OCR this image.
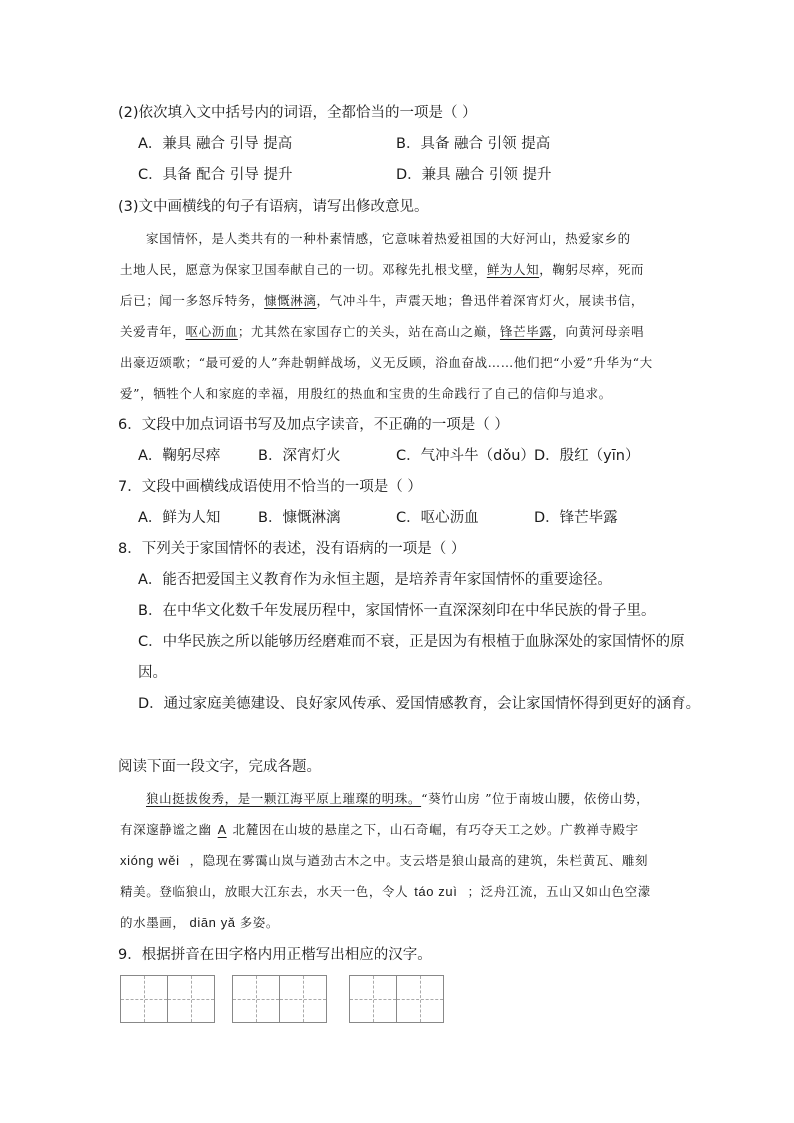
(2)依次填入文中括号内的词语，全都恰当的一项是（ ）
A．兼具 融合 引导 提高	B．具备 融合 引领 提高
C．具备 配合 引导 提升	D．兼具 融合 引领 提升
(3)文中画横线的句子有语病，请写出修改意见。
家国情怀，是人类共有的一种朴素情感，它意味着热爱祖国的大好河山，热爱家乡的
土地人民，愿意为保家卫国奉献自己的一切。邓稼先扎根戈壁，鲜为人知，鞠躬尽瘁，死而
后已；闻一多怒斥特务，慷慨淋漓，气冲斗牛，声震天地；鲁迅伴着深宵灯火，展读书信，
关爱青年，呕心沥血；尤其然在家国存亡的关头，站在高山之巅，锋芒毕露，向黄河母亲唱
出豪迈颂歌；“最可爱的人”奔赴朝鲜战场，义无反顾，浴血奋战……他们把“小爱”升华为“大
爱”，牺牲个人和家庭的幸福，用殷红的热血和宝贵的生命践行了自己的信仰与追求。
6．文段中加点词语书写及加点字读音，不正确的一项是（ ）
A．鞠躬尽瘁	B．深宵灯火	C．气冲斗牛（dǒu） D．殷红（yīn）
7．文段中画横线成语使用不恰当的一项是（ ）
A．鲜为人知	B．慷慨淋漓	C．呕心沥血	D．锋芒毕露
8．下列关于家国情怀的表述，没有语病的一项是（ ）
A．能否把爱国主义教育作为永恒主题，是培养青年家国情怀的重要途径。
B．在中华文化数千年发展历程中，家国情怀一直深深刻印在中华民族的骨子里。
C．中华民族之所以能够历经磨难而不衰，正是因为有根植于血脉深处的家国情怀的原
因。
D．通过家庭美德建设、良好家风传承、爱国情感教育，会让家国情怀得到更好的涵育。
阅读下面一段文字，完成各题。
狼山挺拔俊秀，是一颗江海平原上璀璨的明珠。“葵竹山房 ”位于南坡山腰，依傍山势，
有深邃静谧之幽 A 北麓因在山坡的悬崖之下，山石奇崛，有巧夺天工之妙。广教禅寺殿宇
xióng wěi ，隐现在雾霭山岚与遒劲古木之中。支云塔是狼山最高的建筑，朱栏黄瓦、雕刻
精美。登临狼山，放眼大江东去，水天一色，令人 táo zuì ；泛舟江流，五山又如山色空濛
的水墨画， diān yǎ 多姿。
9．根据拼音在田字格内用正楷写出相应的汉字。
